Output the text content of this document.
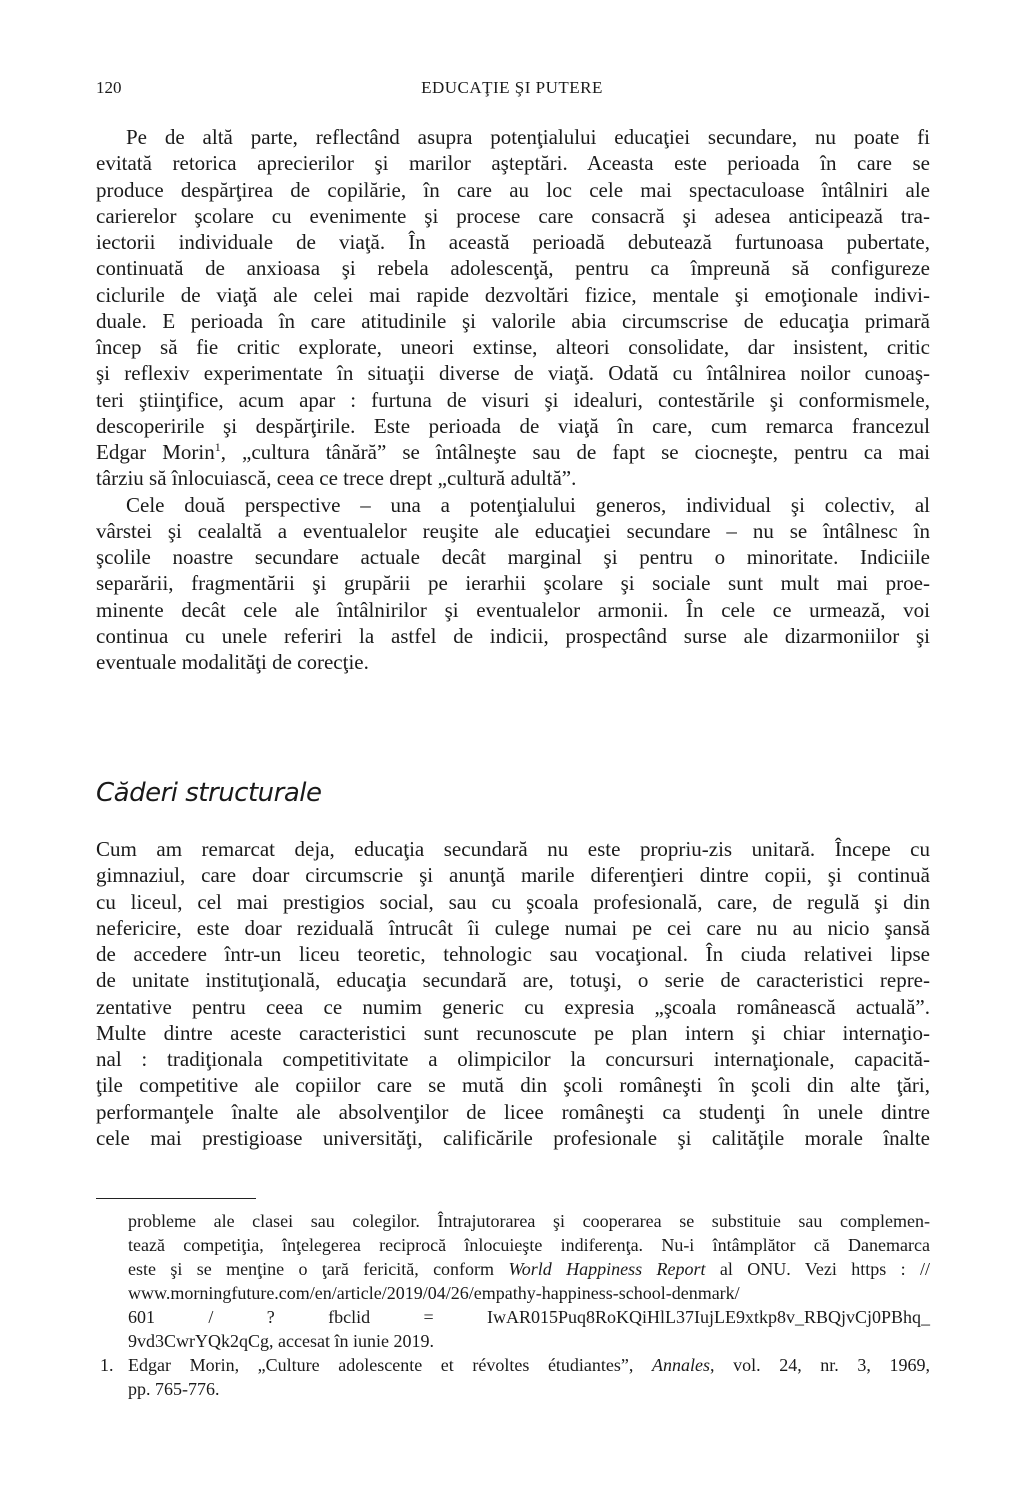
120	EDUCAŢIE ŞI PUTERE
Pe de altă parte, reflectând asupra potenţialului educaţiei secundare, nu poate fi
evitată retorica aprecierilor şi marilor aşteptări. Aceasta este perioada în care se
produce despărţirea de copilărie, în care au loc cele mai spectaculoase întâlniri ale
carierelor şcolare cu evenimente şi procese care consacră şi adesea anticipează tra-
iectorii individuale de viaţă. În această perioadă debutează furtunoasa pubertate,
continuată de anxioasa şi rebela adolescenţă, pentru ca împreună să configureze
ciclurile de viaţă ale celei mai rapide dezvoltări fizice, mentale şi emoţionale indivi-
duale. E perioada în care atitudinile şi valorile abia circumscrise de educaţia primară
încep să fie critic explorate, uneori extinse, alteori consolidate, dar insistent, critic
şi reflexiv experimentate în situaţii diverse de viaţă. Odată cu întâlnirea noilor cunoaş-
teri ştiinţifice, acum apar : furtuna de visuri şi idealuri, contestările şi conformismele,
descoperirile şi despărţirile. Este perioada de viaţă în care, cum remarca francezul
Edgar Morin$^1$, „cultura tânără” se întâlneşte sau de fapt se ciocneşte, pentru ca mai
târziu să înlocuiască, ceea ce trece drept „cultură adultă”.
Cele două perspective – una a potenţialului generos, individual şi colectiv, al
vârstei şi cealaltă a eventualelor reuşite ale educaţiei secundare – nu se întâlnesc în
şcolile noastre secundare actuale decât marginal şi pentru o minoritate. Indiciile
separării, fragmentării şi grupării pe ierarhii şcolare şi sociale sunt mult mai proe-
minente decât cele ale întâlnirilor şi eventualelor armonii. În cele ce urmează, voi
continua cu unele referiri la astfel de indicii, prospectând surse ale dizarmoniilor şi
eventuale modalităţi de corecţie.
Căderi structurale
Cum am remarcat deja, educaţia secundară nu este propriu-zis unitară. Începe cu
gimnaziul, care doar circumscrie şi anunţă marile diferenţieri dintre copii, şi continuă
cu liceul, cel mai prestigios social, sau cu şcoala profesională, care, de regulă şi din
nefericire, este doar reziduală întrucât îi culege numai pe cei care nu au nicio şansă
de accedere într-un liceu teoretic, tehnologic sau vocaţional. În ciuda relativei lipse
de unitate instituţională, educaţia secundară are, totuşi, o serie de caracteristici repre-
zentative pentru ceea ce numim generic cu expresia „şcoala românească actuală”.
Multe dintre aceste caracteristici sunt recunoscute pe plan intern şi chiar internaţio-
nal : tradiţionala competitivitate a olimpicilor la concursuri internaţionale, capacită-
ţile competitive ale copiilor care se mută din şcoli româneşti în şcoli din alte ţări,
performanţele înalte ale absolvenţilor de licee româneşti ca studenţi în unele dintre
cele mai prestigioase universităţi, calificările profesionale şi calităţile morale înalte
probleme ale clasei sau colegilor. Întrajutorarea şi cooperarea se substituie sau complemen-
tează competiţia, înţelegerea reciprocă înlocuieşte indiferenţa. Nu-i întâmplător că Danemarca
este şi se menţine o ţară fericită, conform World Happiness Report al ONU. Vezi https : //
www.morningfuture.com/en/article/2019/04/26/empathy-happiness-school-denmark/
601 / ? fbclid = IwAR015Puq8RoKQiHlL37IujLE9xtkp8v_RBQjvCj0PBhq_
9vd3CwrYQk2qCg, accesat în iunie 2019.
1. Edgar Morin, „Culture adolescente et révoltes étudiantes”, Annales, vol. 24, nr. 3, 1969,
pp. 765-776.
